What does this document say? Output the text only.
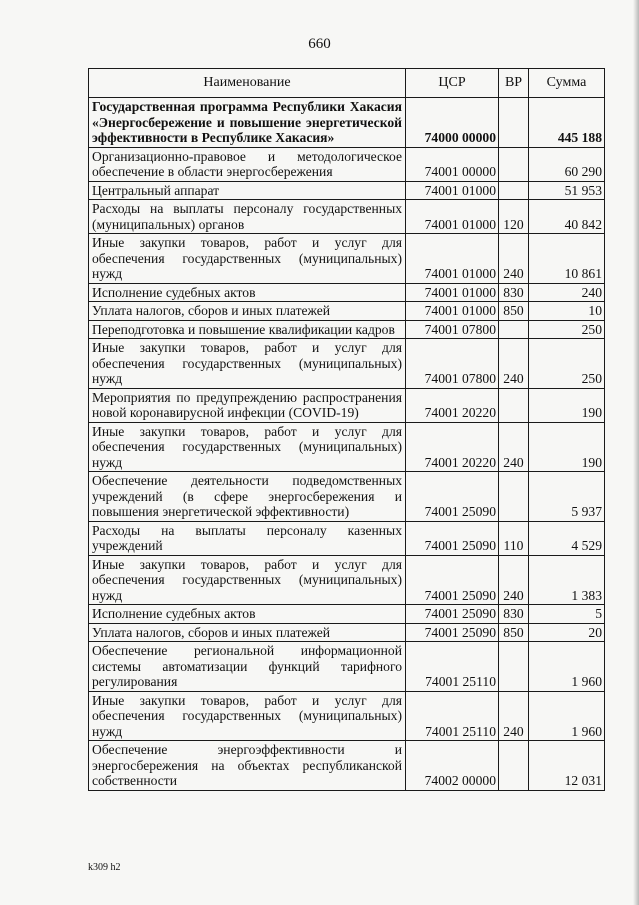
660
Наименование	ЦСР	ВР	Сумма
Государственная программа Республики Хакасия «Энергосбережение и повышение энергетической эффективности в Республике Хакасия»	74000 00000		445 188
Организационно-правовое и методологическое обеспечение в области энергосбережения	74001 00000		60 290
Центральный аппарат	74001 01000		51 953
Расходы на выплаты персоналу государственных (муниципальных) органов	74001 01000	120	40 842
Иные закупки товаров, работ и услуг для обеспечения государственных (муниципальных) нужд	74001 01000	240	10 861
Исполнение судебных актов	74001 01000	830	240
Уплата налогов, сборов и иных платежей	74001 01000	850	10
Переподготовка и повышение квалификации кадров	74001 07800		250
Иные закупки товаров, работ и услуг для обеспечения государственных (муниципальных) нужд	74001 07800	240	250
Мероприятия по предупреждению распространения новой коронавирусной инфекции (COVID-19)	74001 20220		190
Иные закупки товаров, работ и услуг для обеспечения государственных (муниципальных) нужд	74001 20220	240	190
Обеспечение деятельности подведомственных учреждений (в сфере энергосбережения и повышения энергетической эффективности)	74001 25090		5 937
Расходы на выплаты персоналу казенных учреждений	74001 25090	110	4 529
Иные закупки товаров, работ и услуг для обеспечения государственных (муниципальных) нужд	74001 25090	240	1 383
Исполнение судебных актов	74001 25090	830	5
Уплата налогов, сборов и иных платежей	74001 25090	850	20
Обеспечение региональной информационной системы автоматизации функций тарифного регулирования	74001 25110		1 960
Иные закупки товаров, работ и услуг для обеспечения государственных (муниципальных) нужд	74001 25110	240	1 960
Обеспечение энергоэффективности и энергосбережения на объектах республиканской собственности	74002 00000		12 031
k309 h2
